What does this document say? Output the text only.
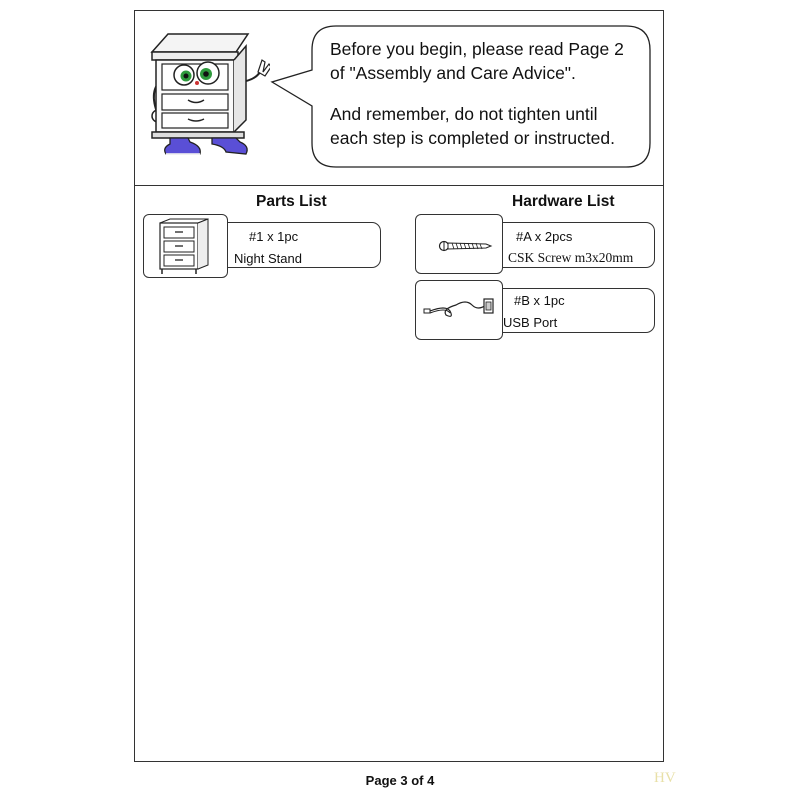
Before you begin, please read Page 2

of "Assembly and Care Advice".

And remember, do not tighten until

each step is completed or instructed.

Parts List
#1 x 1pc
Night Stand
Hardware List
#A x 2pcs
CSK Screw m3x20mm
#B x 1pc
USB Port
Page 3 of 4	HV
